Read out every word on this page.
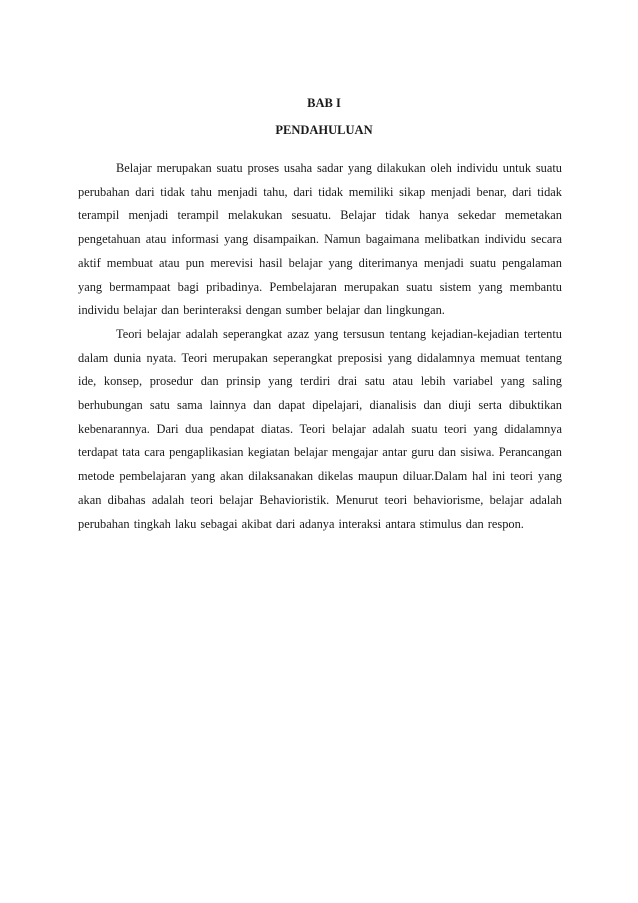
BAB I
PENDAHULUAN

Belajar merupakan suatu proses usaha sadar yang dilakukan oleh individu untuk suatu perubahan dari tidak tahu menjadi tahu, dari tidak memiliki sikap menjadi benar, dari tidak terampil menjadi terampil melakukan sesuatu. Belajar tidak hanya sekedar memetakan pengetahuan atau informasi yang disampaikan. Namun bagaimana melibatkan individu secara aktif membuat atau pun merevisi hasil belajar yang diterimanya menjadi suatu pengalaman yang bermampaat bagi pribadinya. Pembelajaran merupakan suatu sistem yang membantu individu belajar dan berinteraksi dengan sumber belajar dan lingkungan.

Teori belajar adalah seperangkat azaz yang tersusun tentang kejadian-kejadian tertentu dalam dunia nyata. Teori merupakan seperangkat preposisi yang didalamnya memuat tentang ide, konsep, prosedur dan prinsip yang terdiri drai satu atau lebih variabel yang saling berhubungan satu sama lainnya dan dapat dipelajari, dianalisis dan diuji serta dibuktikan kebenarannya. Dari dua pendapat diatas. Teori belajar adalah suatu teori yang didalamnya terdapat tata cara pengaplikasian kegiatan belajar mengajar antar guru dan sisiwa. Perancangan metode pembelajaran yang akan dilaksanakan dikelas maupun diluar.Dalam hal ini teori yang akan dibahas adalah teori belajar Behavioristik. Menurut teori behaviorisme, belajar adalah perubahan tingkah laku sebagai akibat dari adanya interaksi antara stimulus dan respon.
